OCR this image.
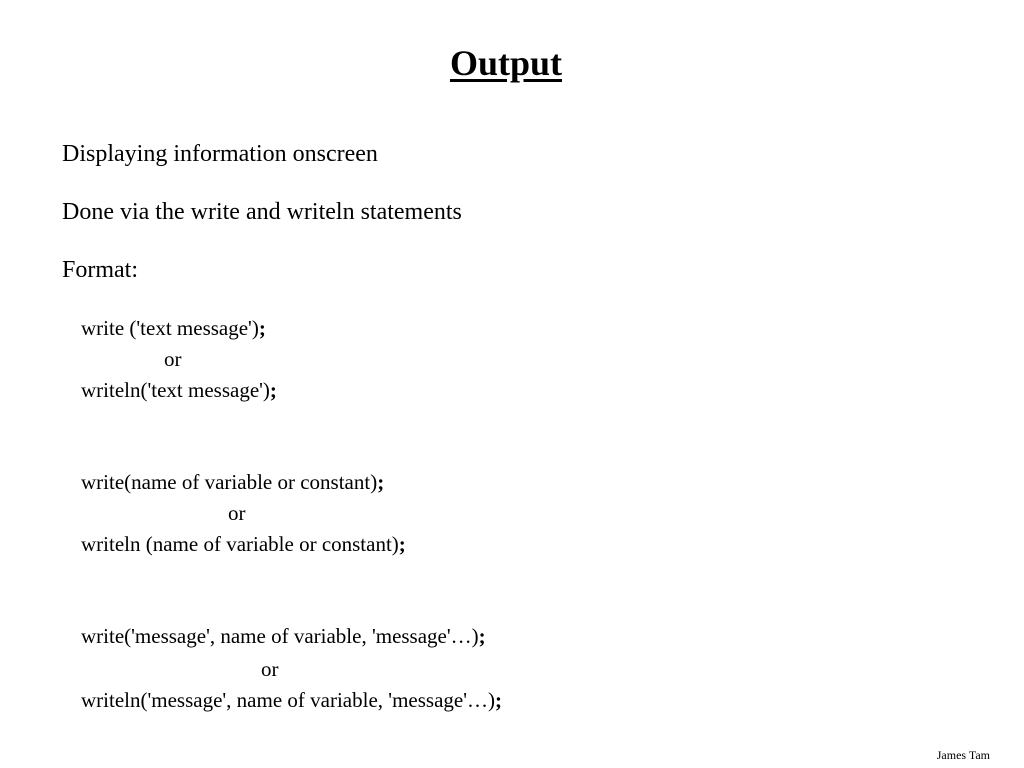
Output

Displaying information onscreen

Done via the write and writeln statements

Format:

write ('text message');

or

writeln('text message');

write(name of variable or constant);

or

writeln (name of variable or constant);

write('message', name of variable, 'message'…);

or

writeln('message', name of variable, 'message'…);

James Tam
